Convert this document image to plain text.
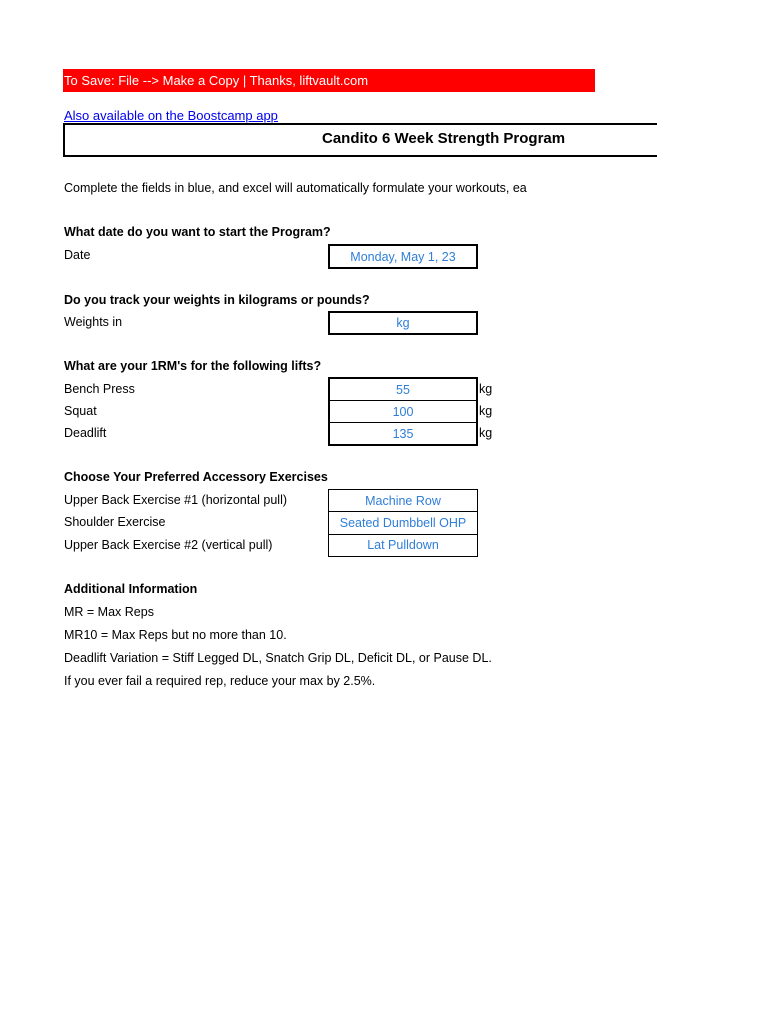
To Save: File --> Make a Copy | Thanks, liftvault.com
Also available on the Boostcamp app
Candito 6 Week Strength Program
Complete the fields in blue, and excel will automatically formulate your workouts, ea
What date do you want to start the Program?
Date	Monday, May 1, 23
Do you track your weights in kilograms or pounds?
Weights in	kg
What are your 1RM's for the following lifts?
Bench Press	55	kg
Squat	100	kg
Deadlift	135	kg
Choose Your Preferred Accessory Exercises
Upper Back Exercise #1 (horizontal pull)	Machine Row
Shoulder Exercise	Seated Dumbbell OHP
Upper Back Exercise #2 (vertical pull)	Lat Pulldown
Additional Information
MR = Max Reps
MR10 = Max Reps but no more than 10.
Deadlift Variation = Stiff Legged DL, Snatch Grip DL, Deficit DL, or Pause DL.
If you ever fail a required rep, reduce your max by 2.5%.
